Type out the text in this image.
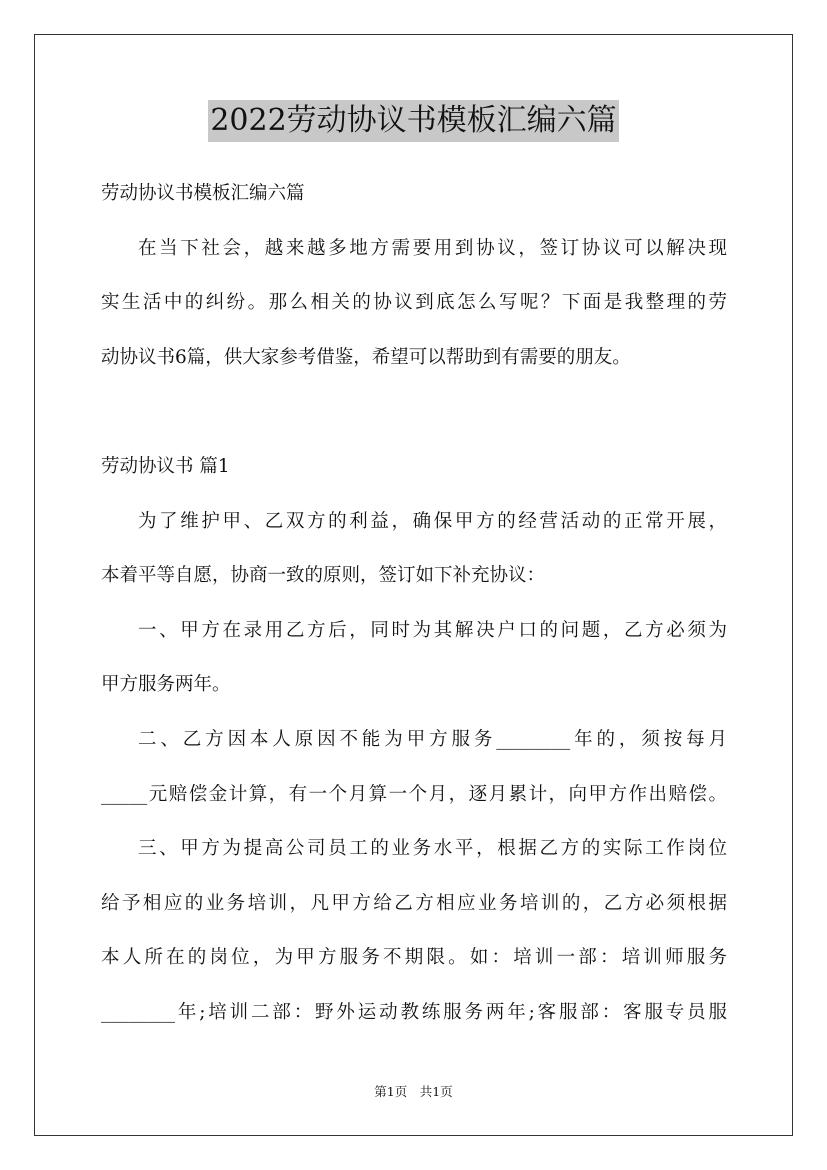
2022劳动协议书模板汇编六篇
劳动协议书模板汇编六篇
在当下社会，越来越多地方需要用到协议，签订协议可以解决现
实生活中的纠纷。那么相关的协议到底怎么写呢？下面是我整理的劳
动协议书6篇，供大家参考借鉴，希望可以帮助到有需要的朋友。
劳动协议书 篇1
为了维护甲、乙双方的利益，确保甲方的经营活动的正常开展，
本着平等自愿，协商一致的原则，签订如下补充协议：
一、甲方在录用乙方后，同时为其解决户口的问题，乙方必须为
甲方服务两年。
二、乙方因本人原因不能为甲方服务________年的，须按每月
_____元赔偿金计算，有一个月算一个月，逐月累计，向甲方作出赔偿。
三、甲方为提高公司员工的业务水平，根据乙方的实际工作岗位
给予相应的业务培训，凡甲方给乙方相应业务培训的，乙方必须根据
本人所在的岗位，为甲方服务不期限。如：培训一部：培训师服务
________年;培训二部：野外运动教练服务两年;客服部：客服专员服
第1页　共1页
